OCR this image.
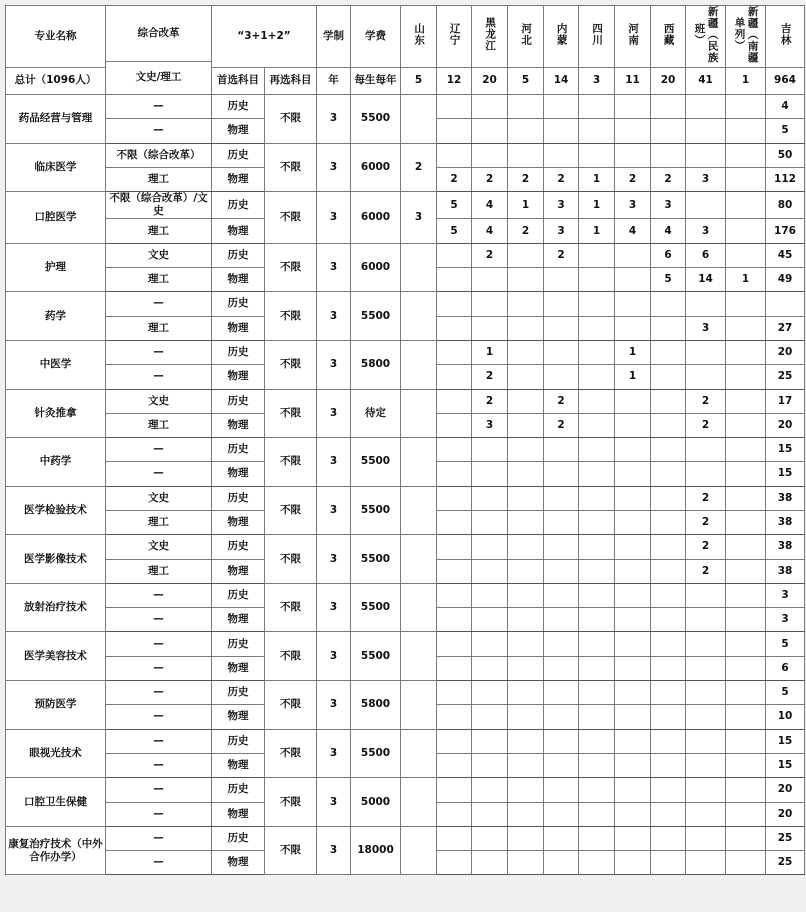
专业名称	综合改革	“3+1+2”		学制	学费	山东	辽宁	黑龙江	河北	内蒙	四川	河南	西藏	新疆（民族班）	新疆（南疆单列）	吉林
	文史/理工															
总计（1096人）		首选科目	再选科目	年	每生每年	5	12	20	5	14	3	11	20	41	1	964
药品经营与管理	—	历史	不限	3	5500											4
	—	物理														5
临床医学	不限（综合改革）	历史	不限	3	6000	2										50
	理工	物理					2	2	2	2	1	2	2	3		112
口腔医学	不限（综合改革）/文史	历史	不限	3	6000	3	5	4	1	3	1	3	3			80
	理工	物理					5	4	2	3	1	4	4	3		176
护理	文史	历史	不限	3	6000			2		2			6	6		45
	理工	物理											5	14	1	49
药学	—	历史	不限	3	5500											
	理工	物理												3		27
中医学	—	历史	不限	3	5800			1				1				20
	—	物理						2				1				25
针灸推拿	文史	历史	不限	3	待定			2		2				2		17
	理工	物理						3		2				2		20
中药学	—	历史	不限	3	5500											15
	—	物理														15
医学检验技术	文史	历史	不限	3	5500									2		38
	理工	物理												2		38
医学影像技术	文史	历史	不限	3	5500									2		38
	理工	物理												2		38
放射治疗技术	—	历史	不限	3	5500											3
	—	物理														3
医学美容技术	—	历史	不限	3	5500											5
	—	物理														6
预防医学	—	历史	不限	3	5800											5
	—	物理														10
眼视光技术	—	历史	不限	3	5500											15
	—	物理														15
口腔卫生保健	—	历史	不限	3	5000											20
	—	物理														20
康复治疗技术（中外合作办学）	—	历史	不限	3	18000											25
	—	物理														25
